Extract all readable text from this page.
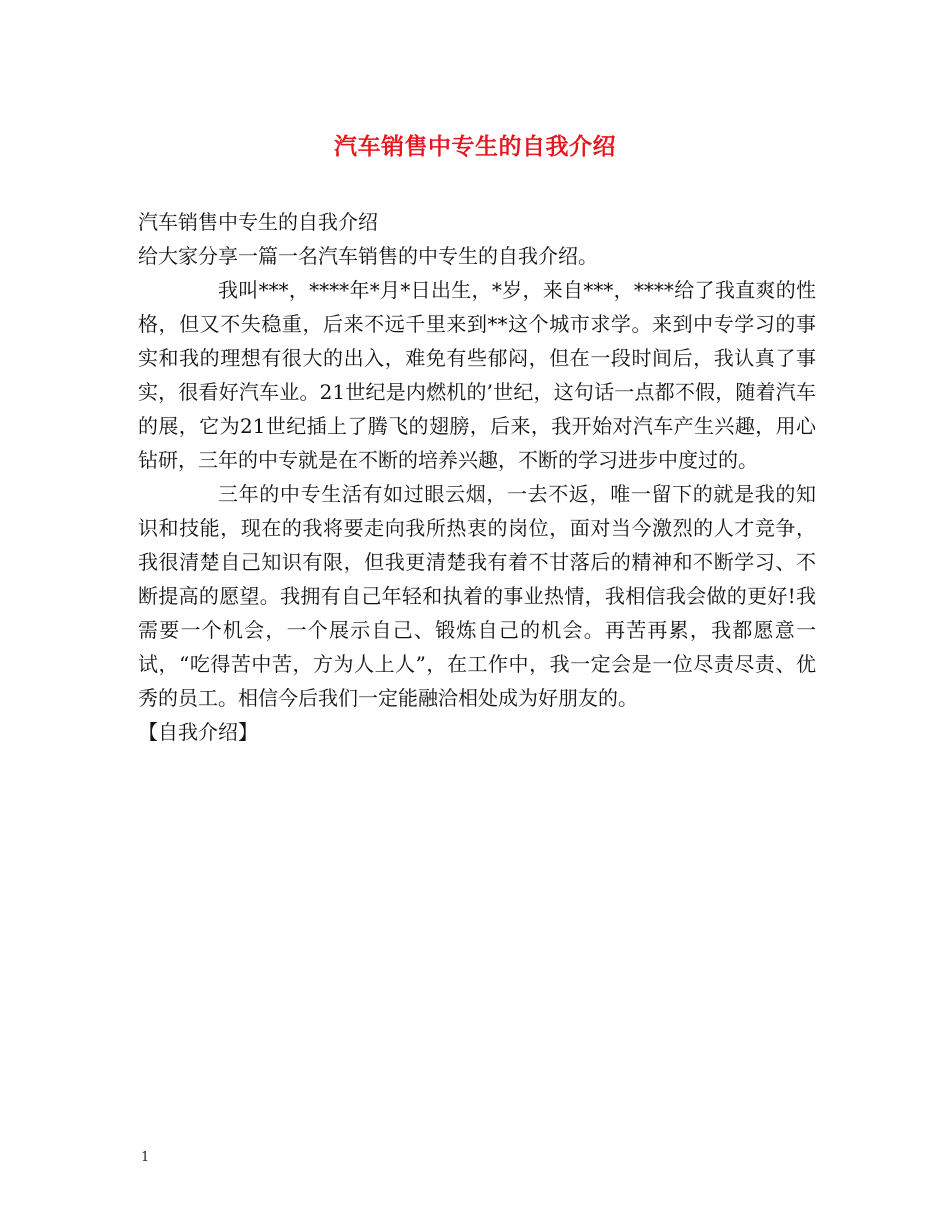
汽车销售中专生的自我介绍

汽车销售中专生的自我介绍

给大家分享一篇一名汽车销售的中专生的自我介绍。

我叫***，****年*月*日出生，*岁，来自***，****给了我直爽的性格，但又不失稳重，后来不远千里来到**这个城市求学。来到中专学习的事实和我的理想有很大的出入，难免有些郁闷，但在一段时间后，我认真了事实，很看好汽车业。21世纪是内燃机的’世纪，这句话一点都不假，随着汽车的展，它为21世纪插上了腾飞的翅膀，后来，我开始对汽车产生兴趣，用心钻研，三年的中专就是在不断的培养兴趣，不断的学习进步中度过的。

三年的中专生活有如过眼云烟，一去不返，唯一留下的就是我的知识和技能，现在的我将要走向我所热衷的岗位，面对当今激烈的人才竞争，我很清楚自己知识有限，但我更清楚我有着不甘落后的精神和不断学习、不断提高的愿望。我拥有自己年轻和执着的事业热情，我相信我会做的更好!我需要一个机会，一个展示自己、锻炼自己的机会。再苦再累，我都愿意一试，“吃得苦中苦，方为人上人”，在工作中，我一定会是一位尽责尽责、优秀的员工。相信今后我们一定能融洽相处成为好朋友的。

【自我介绍】

1
